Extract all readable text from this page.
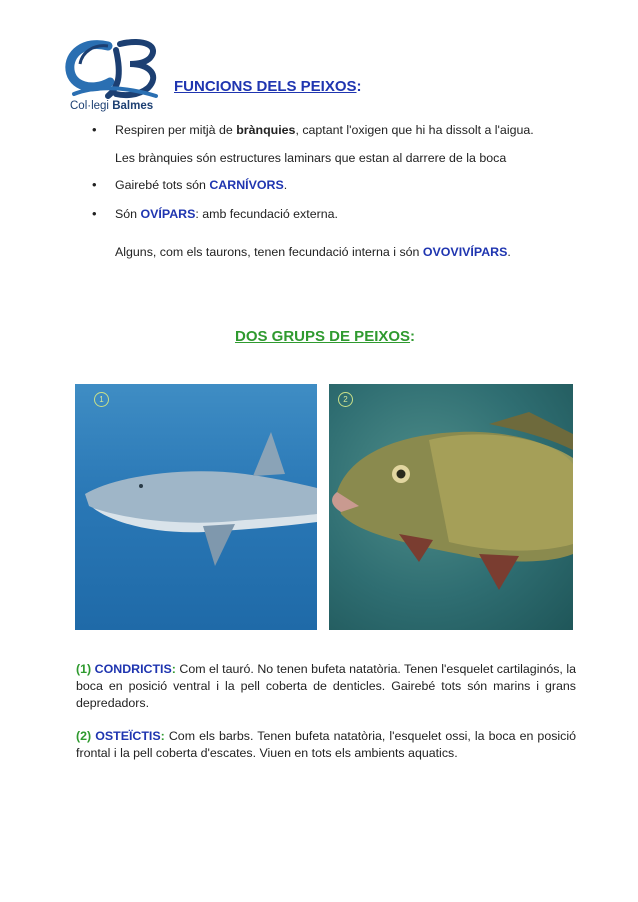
Col·legi Balmes
FUNCIONS DELS PEIXOS:
• Respiren per mitjà de brànquies, captant l'oxigen que hi ha dissolt a l'aigua.
Les brànquies són estructures laminars que estan al darrere de la boca
• Gairebé tots són CARNÍVORS.
• Són OVÍPARS: amb fecundació externa.
Alguns, com els taurons, tenen fecundació interna i són OVOVIVÍPARS.
DOS GRUPS DE PEIXOS:
1	2
(1) CONDRICTIS: Com el tauró. No tenen bufeta natatòria. Tenen l'esquelet cartilaginós, la boca en posició ventral i la pell coberta de denticles. Gairebé tots són marins i grans depredadors.
(2) OSTEÏCTIS: Com els barbs. Tenen bufeta natatòria, l'esquelet ossi, la boca en posició frontal i la pell coberta d'escates. Viuen en tots els ambients aquatics.
